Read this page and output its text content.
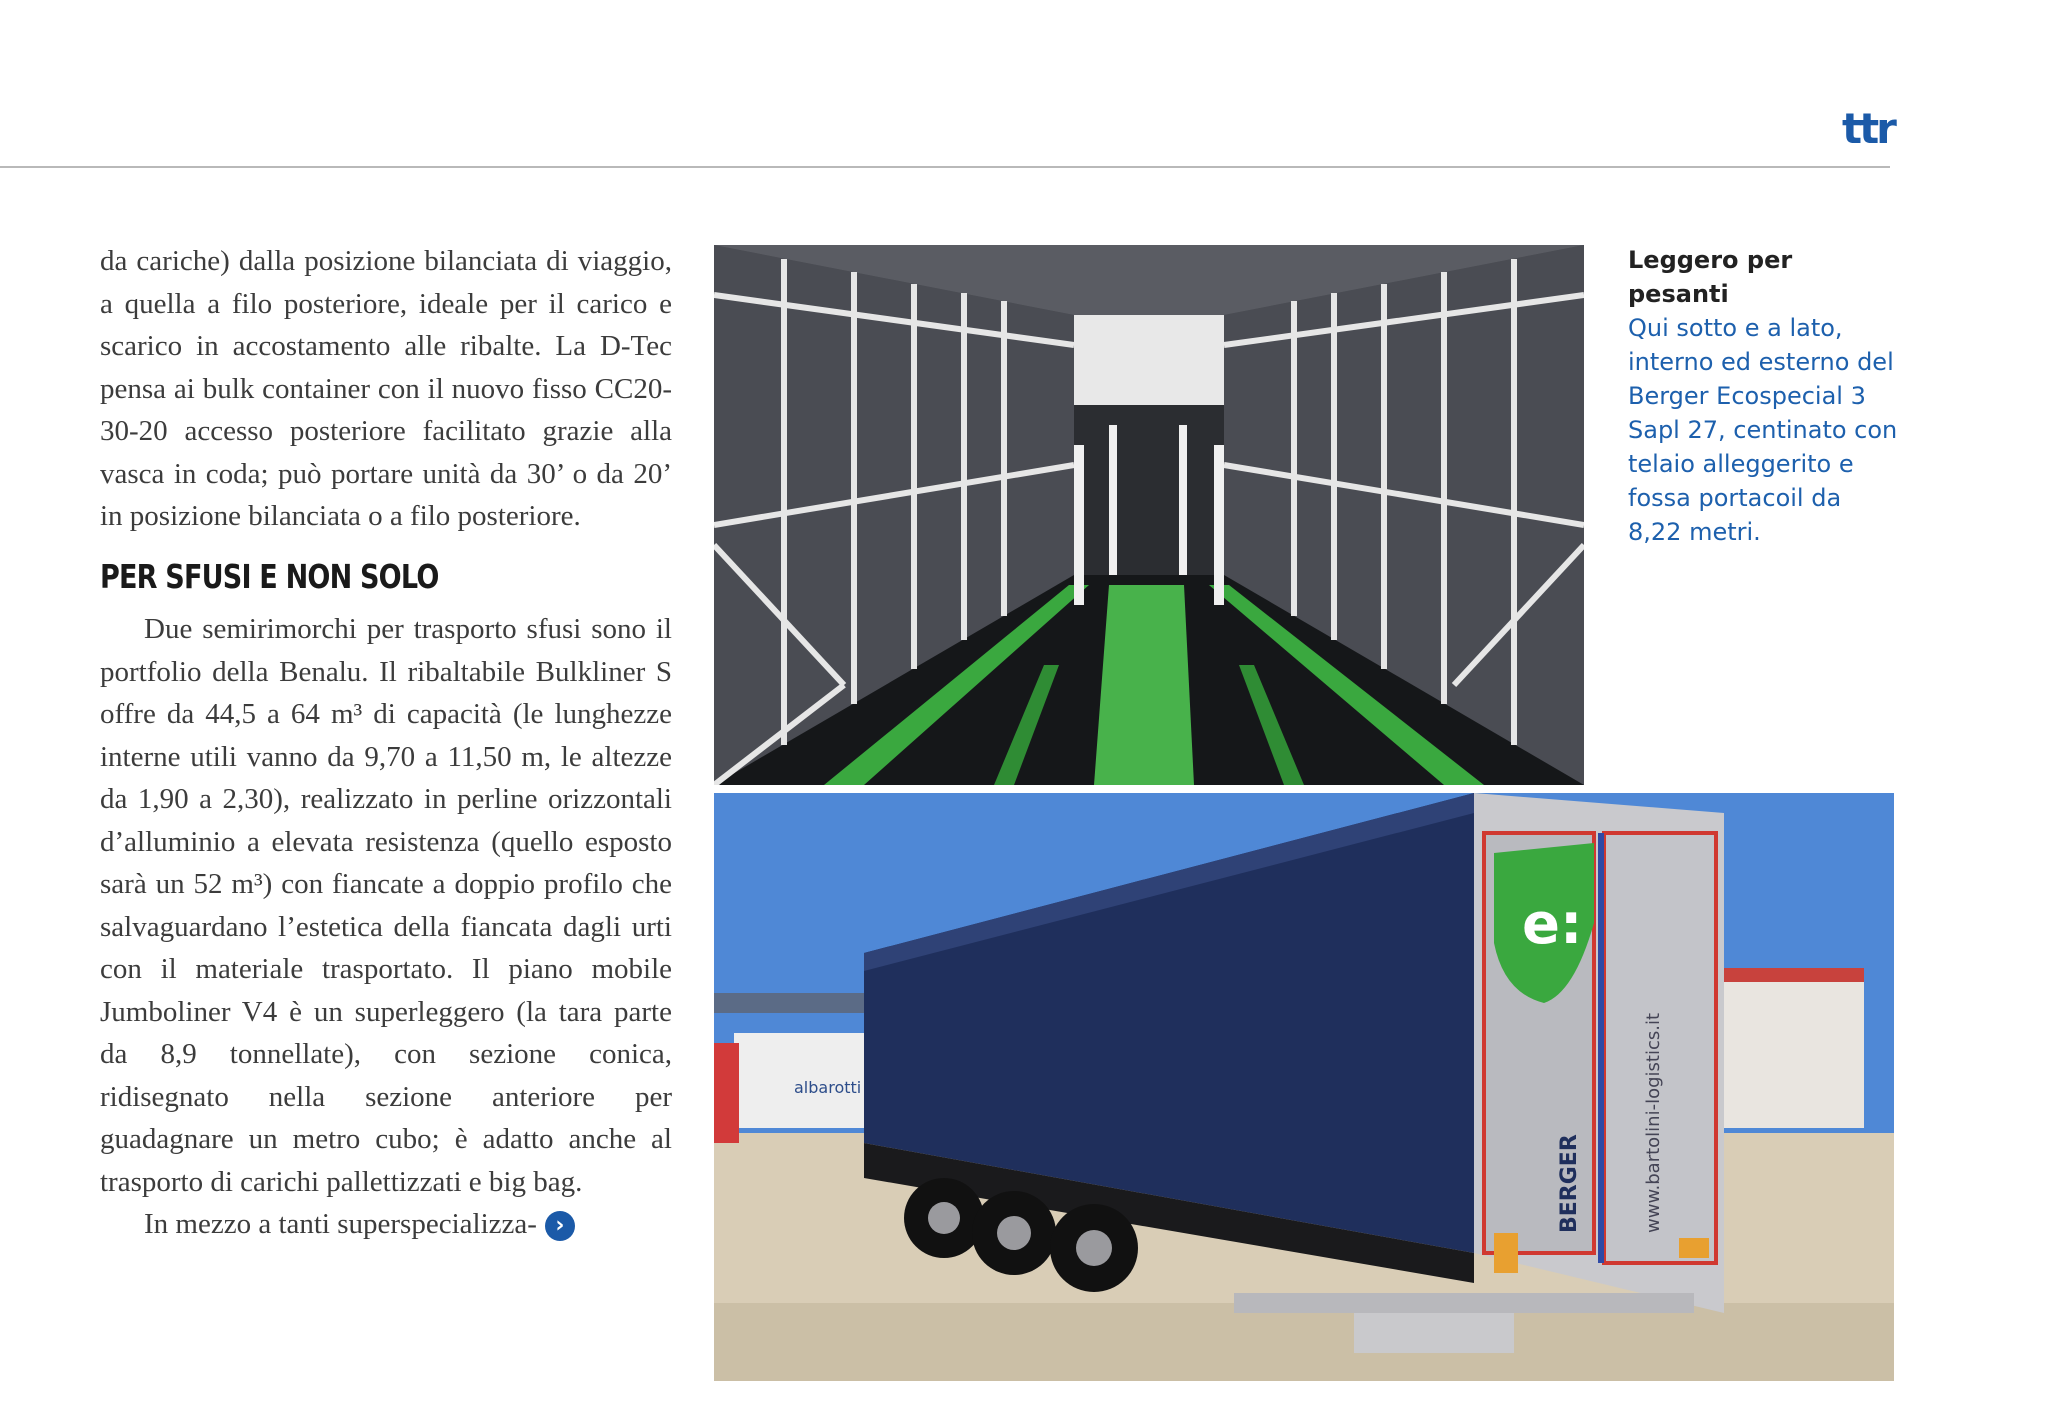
ttr

da cariche) dalla posizione bilanciata di viaggio, a quella a filo posteriore, ideale per il carico e scarico in accostamento alle ribalte. La D-Tec pensa ai bulk container con il nuovo fisso CC20-30-20 accesso posteriore facilitato grazie alla vasca in coda; può portare unità da 30’ o da 20’ in posizione bilanciata o a filo posteriore.

PER SFUSI E NON SOLO

Due semirimorchi per trasporto sfusi sono il portfolio della Benalu. Il ribaltabile Bulkliner S offre da 44,5 a 64 m³ di capacità (le lunghezze interne utili vanno da 9,70 a 11,50 m, le altezze da 1,90 a 2,30), realizzato in perline orizzontali d’alluminio a elevata resistenza (quello esposto sarà un 52 m³) con fiancate a doppio profilo che salvaguardano l’estetica della fiancata dagli urti con il materiale trasportato. Il piano mobile Jumboliner V4 è un superleggero (la tara parte da 8,9 tonnellate), con sezione conica, ridisegnato nella sezione anteriore per guadagnare un metro cubo; è adatto anche al trasporto di carichi pallettizzati e big bag.

In mezzo a tanti superspecializza- ›

albarotti
e:
BERGER	www.bartolini-logistics.it
Leggero per pesanti
Qui sotto e a lato, interno ed esterno del Berger Ecospecial 3 Sapl 27, centinato con telaio alleggerito e fossa portacoil da 8,22 metri.
